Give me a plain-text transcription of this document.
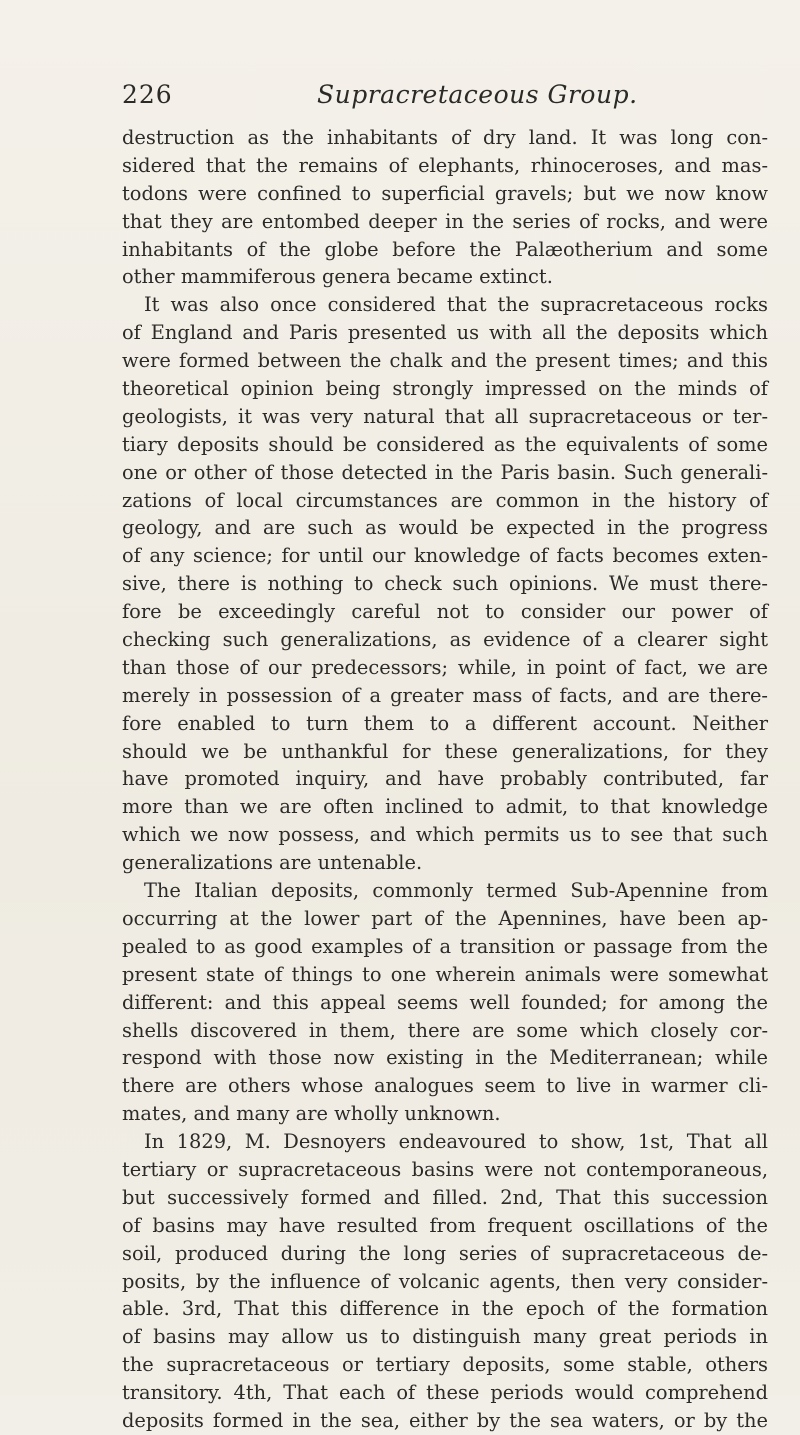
226	Supracretaceous Group.
destruction as the inhabitants of dry land. It was long con-
sidered that the remains of elephants, rhinoceroses, and mas-
todons were confined to superficial gravels; but we now know
that they are entombed deeper in the series of rocks, and were
inhabitants of the globe before the Palæotherium and some
other mammiferous genera became extinct.
It was also once considered that the supracretaceous rocks
of England and Paris presented us with all the deposits which
were formed between the chalk and the present times; and this
theoretical opinion being strongly impressed on the minds of
geologists, it was very natural that all supracretaceous or ter-
tiary deposits should be considered as the equivalents of some
one or other of those detected in the Paris basin. Such generali-
zations of local circumstances are common in the history of
geology, and are such as would be expected in the progress
of any science; for until our knowledge of facts becomes exten-
sive, there is nothing to check such opinions. We must there-
fore be exceedingly careful not to consider our power of
checking such generalizations, as evidence of a clearer sight
than those of our predecessors; while, in point of fact, we are
merely in possession of a greater mass of facts, and are there-
fore enabled to turn them to a different account. Neither
should we be unthankful for these generalizations, for they
have promoted inquiry, and have probably contributed, far
more than we are often inclined to admit, to that knowledge
which we now possess, and which permits us to see that such
generalizations are untenable.
The Italian deposits, commonly termed Sub-Apennine from
occurring at the lower part of the Apennines, have been ap-
pealed to as good examples of a transition or passage from the
present state of things to one wherein animals were somewhat
different: and this appeal seems well founded; for among the
shells discovered in them, there are some which closely cor-
respond with those now existing in the Mediterranean; while
there are others whose analogues seem to live in warmer cli-
mates, and many are wholly unknown.
In 1829, M. Desnoyers endeavoured to show, 1st, That all
tertiary or supracretaceous basins were not contemporaneous,
but successively formed and filled. 2nd, That this succession
of basins may have resulted from frequent oscillations of the
soil, produced during the long series of supracretaceous de-
posits, by the influence of volcanic agents, then very consider-
able. 3rd, That this difference in the epoch of the formation
of basins may allow us to distinguish many great periods in
the supracretaceous or tertiary deposits, some stable, others
transitory. 4th, That each of these periods would comprehend
deposits formed in the sea, either by the sea waters, or by the
